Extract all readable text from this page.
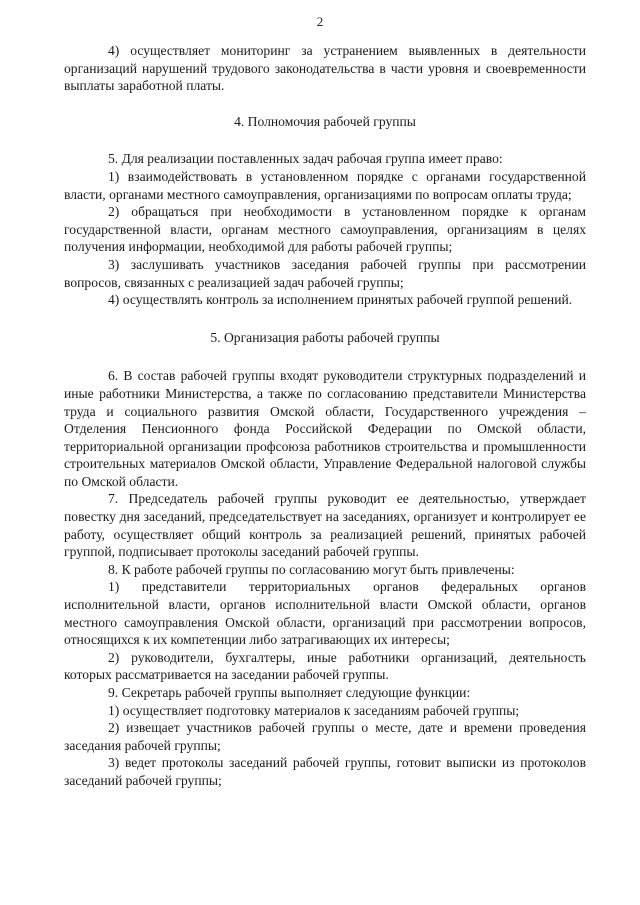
2

4) осуществляет мониторинг за устранением выявленных в деятельности организаций нарушений трудового законодательства в части уровня и своевременности выплаты заработной платы.

4. Полномочия рабочей группы

5. Для реализации поставленных задач рабочая группа имеет право:

1) взаимодействовать в установленном порядке с органами государственной власти, органами местного самоуправления, организациями по вопросам оплаты труда;

2) обращаться при необходимости в установленном порядке к органам государственной власти, органам местного самоуправления, организациям в целях получения информации, необходимой для работы рабочей группы;

3) заслушивать участников заседания рабочей группы при рассмотрении вопросов, связанных с реализацией задач рабочей группы;

4) осуществлять контроль за исполнением принятых рабочей группой решений.

5. Организация работы рабочей группы

6. В состав рабочей группы входят руководители структурных подразделений и иные работники Министерства, а также по согласованию представители Министерства труда и социального развития Омской области, Государственного учреждения – Отделения Пенсионного фонда Российской Федерации по Омской области, территориальной организации профсоюза работников строительства и промышленности строительных материалов Омской области, Управление Федеральной налоговой службы по Омской области.

7. Председатель рабочей группы руководит ее деятельностью, утверждает повестку дня заседаний, председательствует на заседаниях, организует и контролирует ее работу, осуществляет общий контроль за реализацией решений, принятых рабочей группой, подписывает протоколы заседаний рабочей группы.

8. К работе рабочей группы по согласованию могут быть привлечены:

1) представители территориальных органов федеральных органов исполнительной власти, органов исполнительной власти Омской области, органов местного самоуправления Омской области, организаций при рассмотрении вопросов, относящихся к их компетенции либо затрагивающих их интересы;

2) руководители, бухгалтеры, иные работники организаций, деятельность которых рассматривается на заседании рабочей группы.

9. Секретарь рабочей группы выполняет следующие функции:

1) осуществляет подготовку материалов к заседаниям рабочей группы;

2) извещает участников рабочей группы о месте, дате и времени проведения заседания рабочей группы;

3) ведет протоколы заседаний рабочей группы, готовит выписки из протоколов заседаний рабочей группы;
